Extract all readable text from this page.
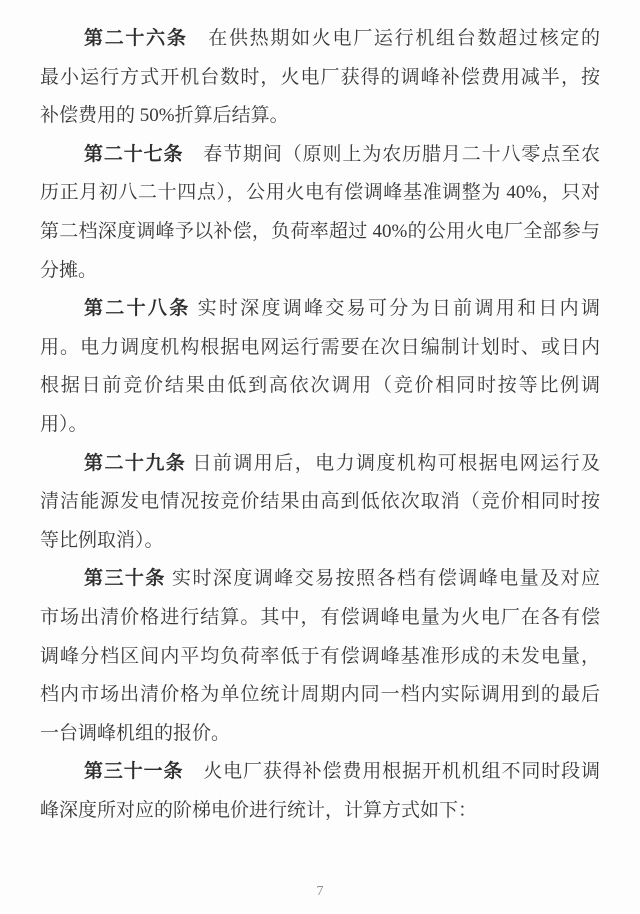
第二十六条　在供热期如火电厂运行机组台数超过核定的
最小运行方式开机台数时，火电厂获得的调峰补偿费用减半，按
补偿费用的 50%折算后结算。
第二十七条　春节期间（原则上为农历腊月二十八零点至农
历正月初八二十四点），公用火电有偿调峰基准调整为 40%，只对
第二档深度调峰予以补偿，负荷率超过 40%的公用火电厂全部参与
分摊。
第二十八条 实时深度调峰交易可分为日前调用和日内调
用。电力调度机构根据电网运行需要在次日编制计划时、或日内
根据日前竞价结果由低到高依次调用（竞价相同时按等比例调
用）。
第二十九条 日前调用后，电力调度机构可根据电网运行及
清洁能源发电情况按竞价结果由高到低依次取消（竞价相同时按
等比例取消）。
第三十条 实时深度调峰交易按照各档有偿调峰电量及对应
市场出清价格进行结算。其中，有偿调峰电量为火电厂在各有偿
调峰分档区间内平均负荷率低于有偿调峰基准形成的未发电量，
档内市场出清价格为单位统计周期内同一档内实际调用到的最后
一台调峰机组的报价。
第三十一条　火电厂获得补偿费用根据开机机组不同时段调
峰深度所对应的阶梯电价进行统计，计算方式如下：
7
